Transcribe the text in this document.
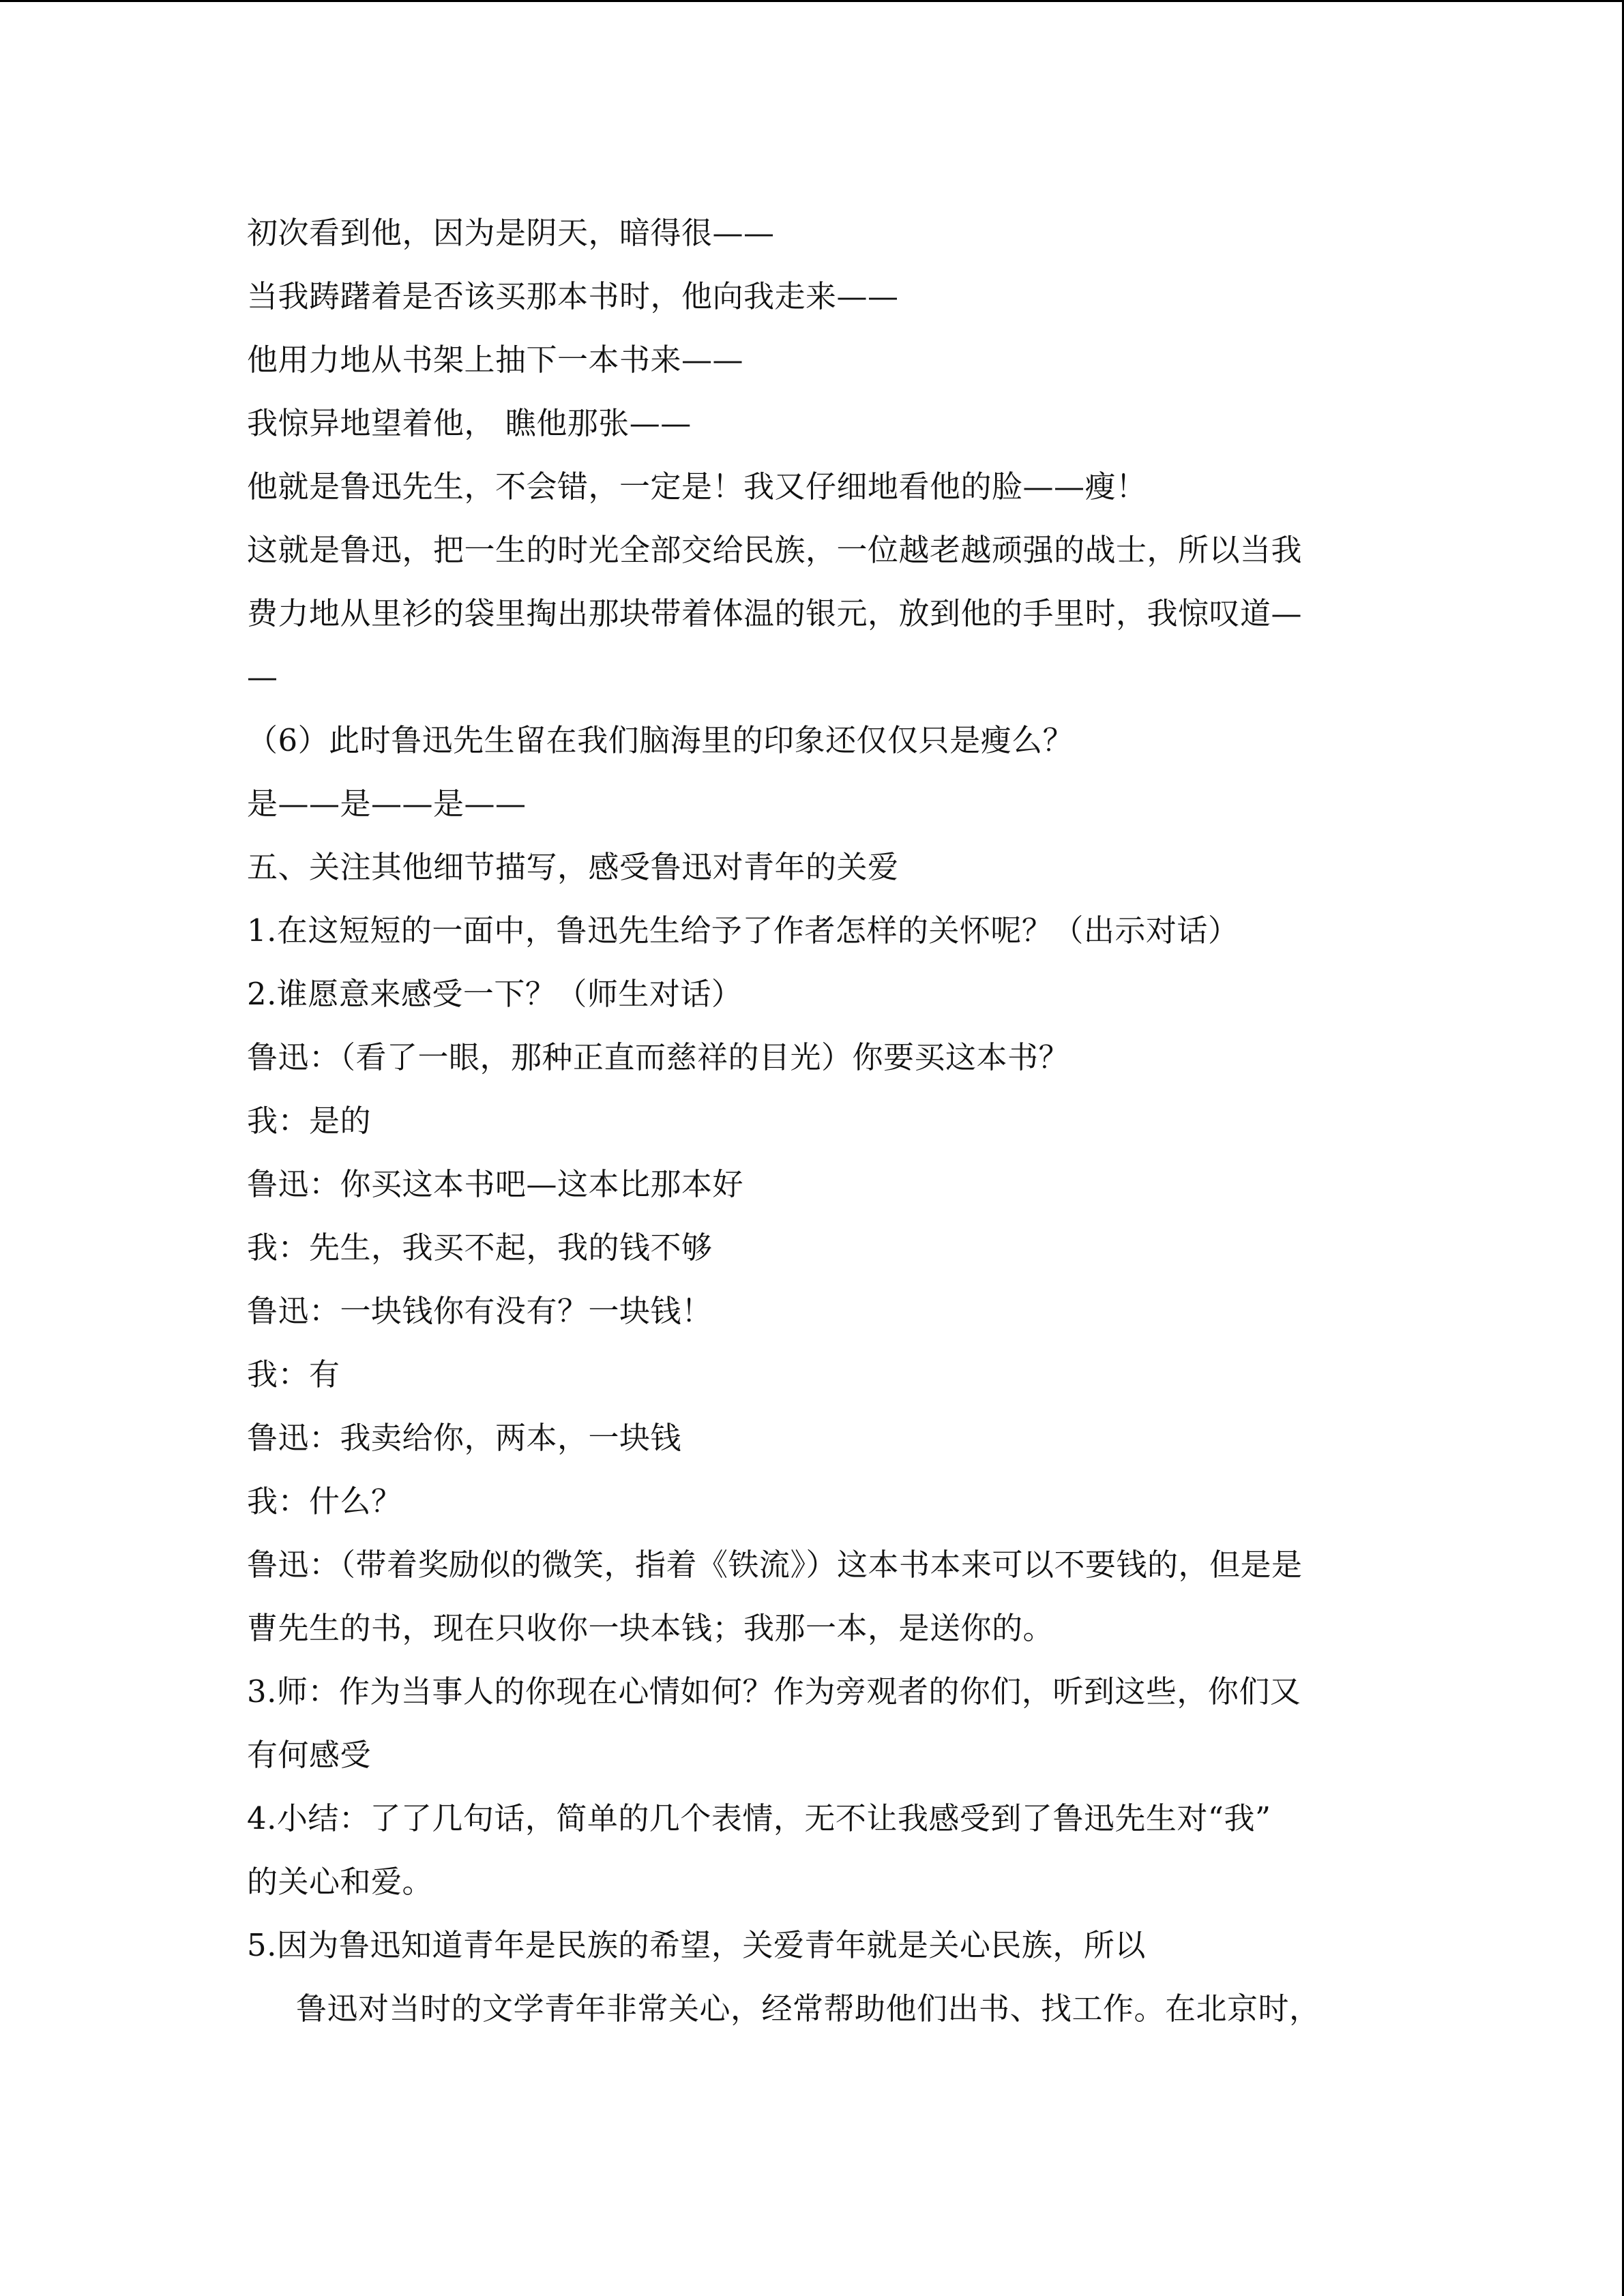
初次看到他，因为是阴天，暗得很——
当我踌躇着是否该买那本书时，他向我走来——
他用力地从书架上抽下一本书来——
我惊异地望着他， 瞧他那张——
他就是鲁迅先生，不会错，一定是！我又仔细地看他的脸——瘦！
这就是鲁迅，把一生的时光全部交给民族，一位越老越顽强的战士，所以当我
费力地从里衫的袋里掏出那块带着体温的银元，放到他的手里时，我惊叹道—
—
（6）此时鲁迅先生留在我们脑海里的印象还仅仅只是瘦么？
是——是——是——
五、关注其他细节描写，感受鲁迅对青年的关爱
1.在这短短的一面中，鲁迅先生给予了作者怎样的关怀呢？（出示对话）
2.谁愿意来感受一下？（师生对话）
鲁迅：（看了一眼，那种正直而慈祥的目光）你要买这本书？
我：是的
鲁迅：你买这本书吧—这本比那本好
我：先生，我买不起，我的钱不够
鲁迅：一块钱你有没有？一块钱！
我：有
鲁迅：我卖给你，两本，一块钱
我：什么？
鲁迅：（带着奖励似的微笑，指着《铁流》）这本书本来可以不要钱的，但是是
曹先生的书，现在只收你一块本钱；我那一本，是送你的。
3.师：作为当事人的你现在心情如何？作为旁观者的你们，听到这些，你们又
有何感受
4.小结：了了几句话，简单的几个表情，无不让我感受到了鲁迅先生对“我”
的关心和爱。
5.因为鲁迅知道青年是民族的希望，关爱青年就是关心民族，所以
鲁迅对当时的文学青年非常关心，经常帮助他们出书、找工作。在北京时，
